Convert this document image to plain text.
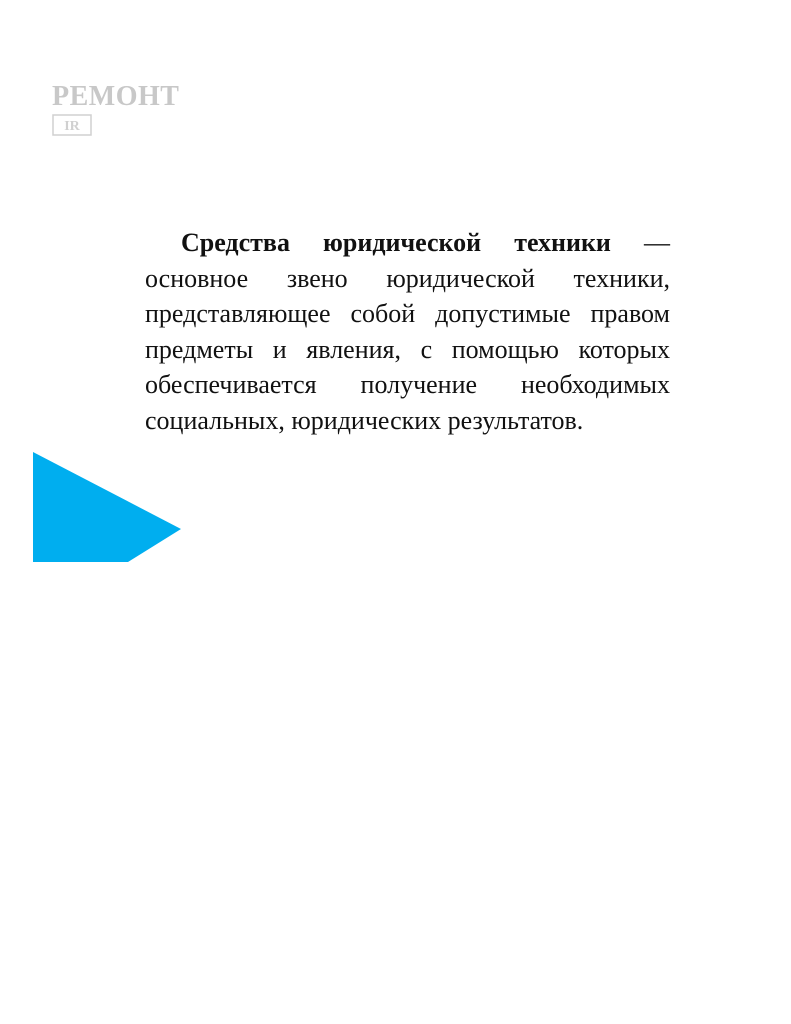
РЕМОНТ
IR
Средства юридической техники — основное звено юридической техники, представляющее собой допустимые правом предметы и явления, с помощью которых обеспечивается получение необходимых социальных, юридических результатов.
